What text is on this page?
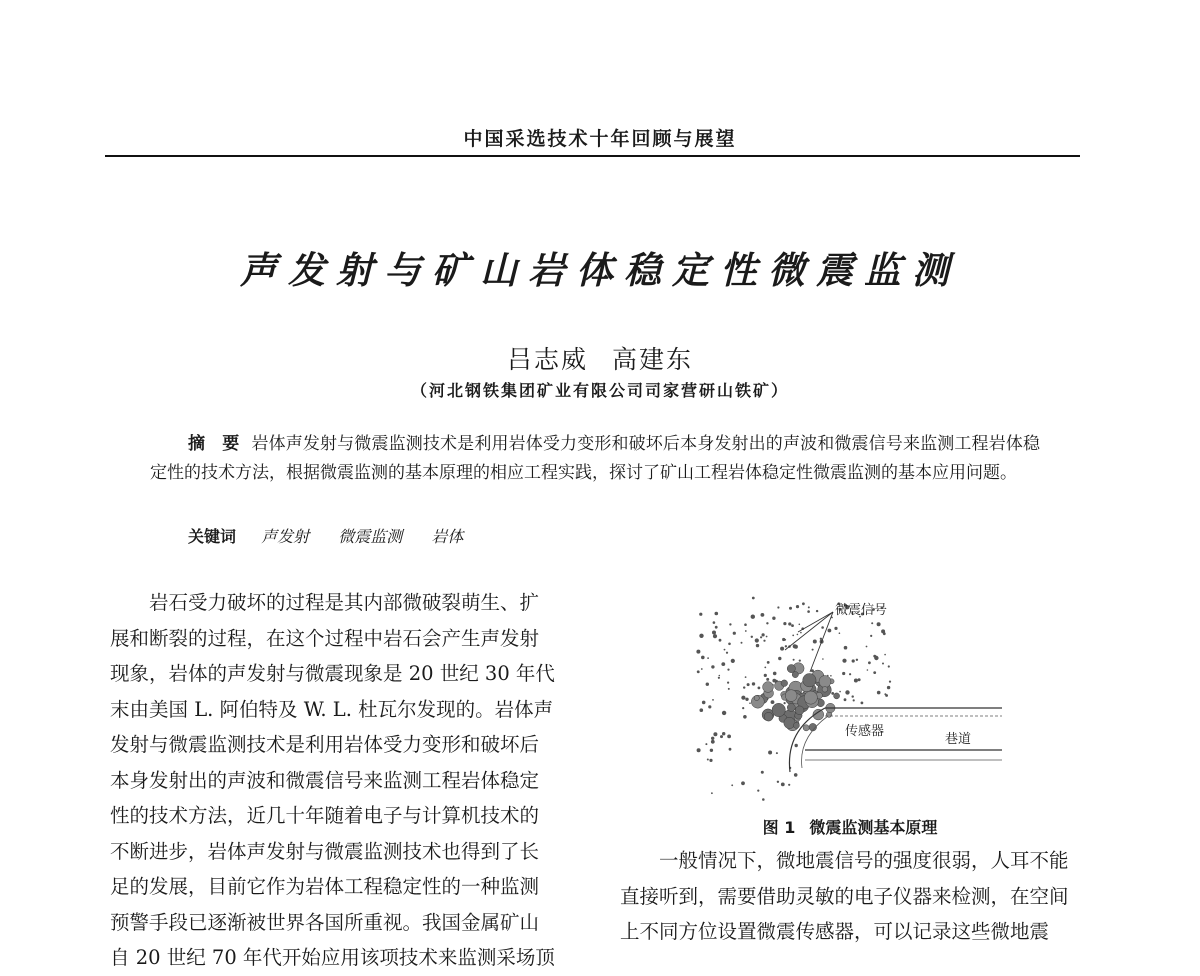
中国采选技术十年回顾与展望
声发射与矿山岩体稳定性微震监测
吕志威 高建东
（河北钢铁集团矿业有限公司司家营研山铁矿）
摘　要 岩体声发射与微震监测技术是利用岩体受力变形和破坏后本身发射出的声波和微震信号来监测工程岩体稳定性的技术方法，根据微震监测的基本原理的相应工程实践，探讨了矿山工程岩体稳定性微震监测的基本应用问题。
关键词 声发射 微震监测 岩体
　　岩石受力破坏的过程是其内部微破裂萌生、扩
展和断裂的过程，在这个过程中岩石会产生声发射
现象，岩体的声发射与微震现象是 20 世纪 30 年代
末由美国 L. 阿伯特及 W. L. 杜瓦尔发现的。岩体声
发射与微震监测技术是利用岩体受力变形和破坏后
本身发射出的声波和微震信号来监测工程岩体稳定
性的技术方法，近几十年随着电子与计算机技术的
不断进步，岩体声发射与微震监测技术也得到了长
足的发展，目前它作为岩体工程稳定性的一种监测
预警手段已逐渐被世界各国所重视。我国金属矿山
自 20 世纪 70 年代开始应用该项技术来监测采场顶
微震信号
传感器
巷道
图 1 微震监测基本原理
　　一般情况下，微地震信号的强度很弱，人耳不能
直接听到，需要借助灵敏的电子仪器来检测，在空间
上不同方位设置微震传感器，可以记录这些微地震
